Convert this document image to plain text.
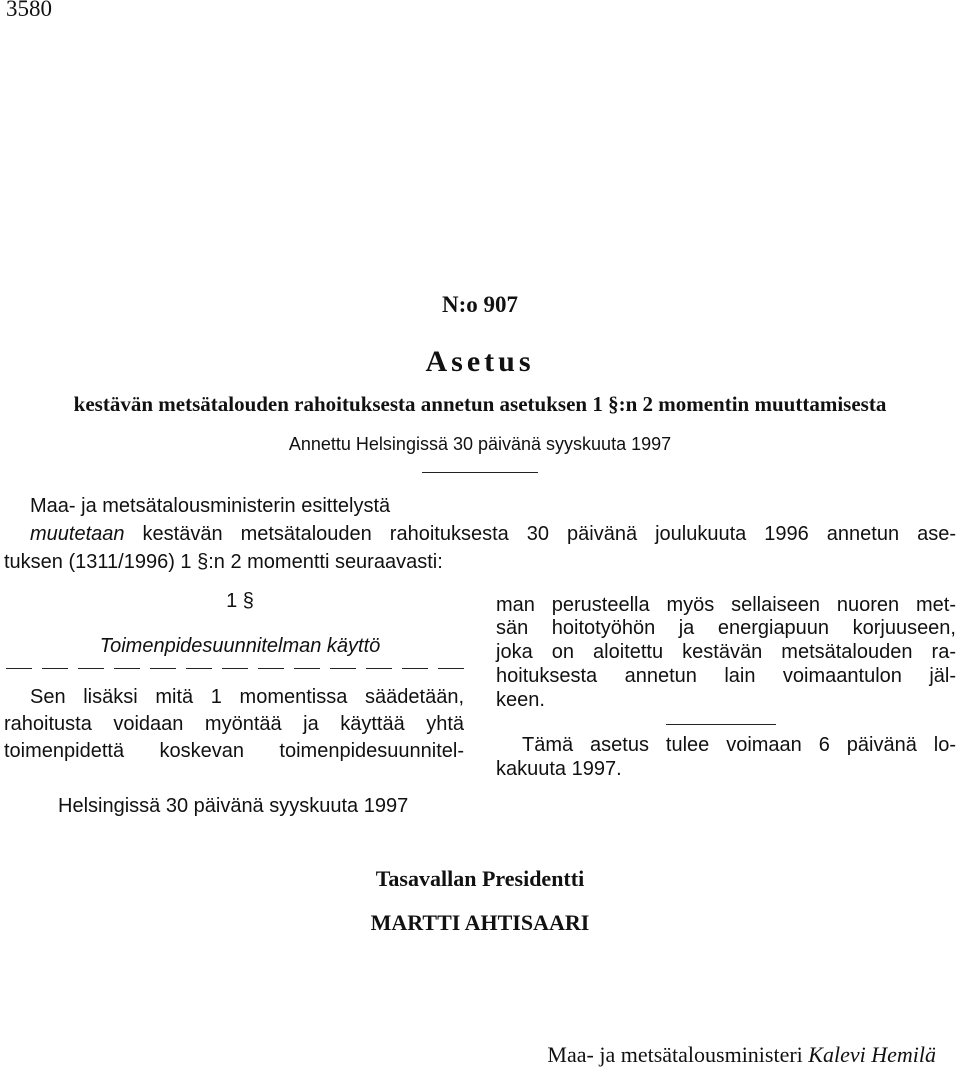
3580
N:o 907
Asetus
kestävän metsätalouden rahoituksesta annetun asetuksen 1 §:n 2 momentin muuttamisesta
Annettu Helsingissä 30 päivänä syyskuuta 1997
Maa- ja metsätalousministerin esittelystä
muutetaan kestävän metsätalouden rahoituksesta 30 päivänä joulukuuta 1996 annetun ase-
tuksen (1311/1996) 1 §:n 2 momentti seuraavasti:
1 §
Toimenpidesuunnitelman käyttö
Sen lisäksi mitä 1 momentissa säädetään,
rahoitusta voidaan myöntää ja käyttää yhtä
toimenpidettä koskevan toimenpidesuunnitel-
man perusteella myös sellaiseen nuoren met-
sän hoitotyöhön ja energiapuun korjuuseen,
joka on aloitettu kestävän metsätalouden ra-
hoituksesta annetun lain voimaantulon jäl-
keen.
Tämä asetus tulee voimaan 6 päivänä lo-
kakuuta 1997.
Helsingissä 30 päivänä syyskuuta 1997
Tasavallan Presidentti
MARTTI AHTISAARI
Maa- ja metsätalousministeri Kalevi Hemilä
